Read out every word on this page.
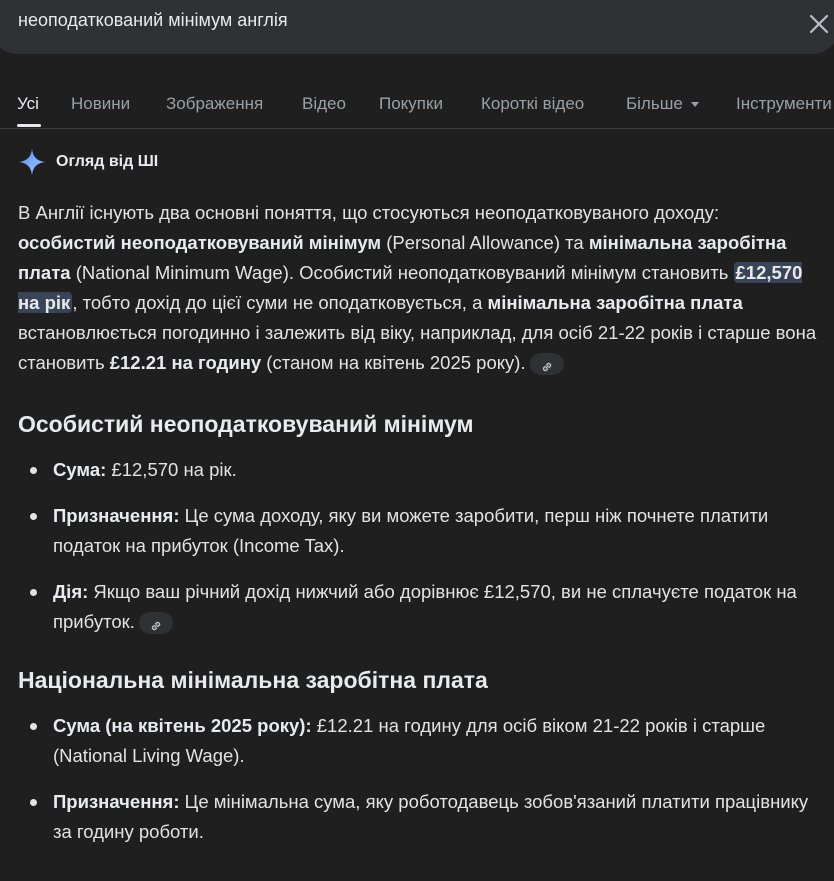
неоподаткований мінімум англія
Усі Новини Зображення Відео Покупки Короткі відео Більше	Інструменти
Огляд від ШІ

В Англії існують два основні поняття, що стосуються неоподатковуваного доходу: особистий неоподатковуваний мінімум (Personal Allowance) та мінімальна заробітна плата (National Minimum Wage). Особистий неоподатковуваний мінімум становить £12,570 на рік , тобто дохід до цієї суми не оподатковується, а мінімальна заробітна плата встановлюється погодинно і залежить від віку, наприклад, для осіб 21-22 років і старше вона становить £12.21 на годину (станом на квітень 2025 року).

Особистий неоподатковуваний мінімум
Сума: £12,570 на рік.
Призначення: Це сума доходу, яку ви можете заробити, перш ніж почнете платити податок на прибуток (Income Tax).
Дія: Якщо ваш річний дохід нижчий або дорівнює £12,570, ви не сплачуєте податок на прибуток.
Національна мінімальна заробітна плата
Сума (на квітень 2025 року): £12.21 на годину для осіб віком 21-22 років і старше (National Living Wage).
Призначення: Це мінімальна сума, яку роботодавець зобов'язаний платити працівнику за годину роботи.
